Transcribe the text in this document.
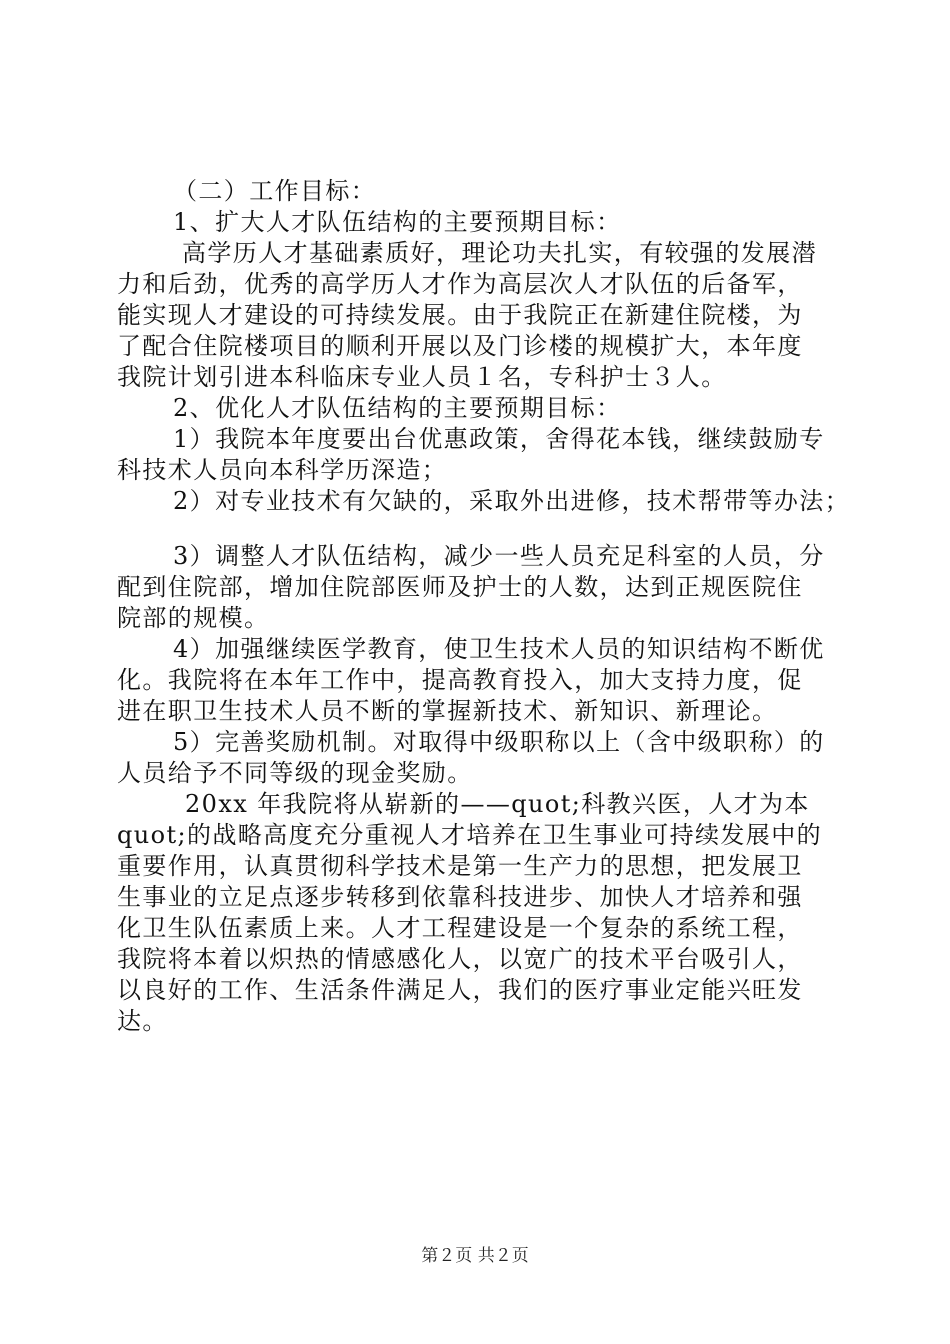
（二）工作目标：
1、扩大人才队伍结构的主要预期目标：
高学历人才基础素质好，理论功夫扎实，有较强的发展潜
力和后劲，优秀的高学历人才作为高层次人才队伍的后备军，
能实现人才建设的可持续发展。由于我院正在新建住院楼，为
了配合住院楼项目的顺利开展以及门诊楼的规模扩大，本年度
我院计划引进本科临床专业人员１名，专科护士３人。
2、优化人才队伍结构的主要预期目标：
1）我院本年度要出台优惠政策，舍得花本钱，继续鼓励专
科技术人员向本科学历深造；
2）对专业技术有欠缺的，采取外出进修，技术帮带等办法；
3）调整人才队伍结构，减少一些人员充足科室的人员，分
配到住院部，增加住院部医师及护士的人数，达到正规医院住
院部的规模。
4）加强继续医学教育，使卫生技术人员的知识结构不断优
化。我院将在本年工作中，提高教育投入，加大支持力度，促
进在职卫生技术人员不断的掌握新技术、新知识、新理论。
5）完善奖励机制。对取得中级职称以上（含中级职称）的
人员给予不同等级的现金奖励。
20xx 年我院将从崭新的——quot;科教兴医，人才为本
quot;的战略高度充分重视人才培养在卫生事业可持续发展中的
重要作用，认真贯彻科学技术是第一生产力的思想，把发展卫
生事业的立足点逐步转移到依靠科技进步、加快人才培养和强
化卫生队伍素质上来。人才工程建设是一个复杂的系统工程，
我院将本着以炽热的情感感化人，以宽广的技术平台吸引人，
以良好的工作、生活条件满足人，我们的医疗事业定能兴旺发
达。
第２页 共２页
